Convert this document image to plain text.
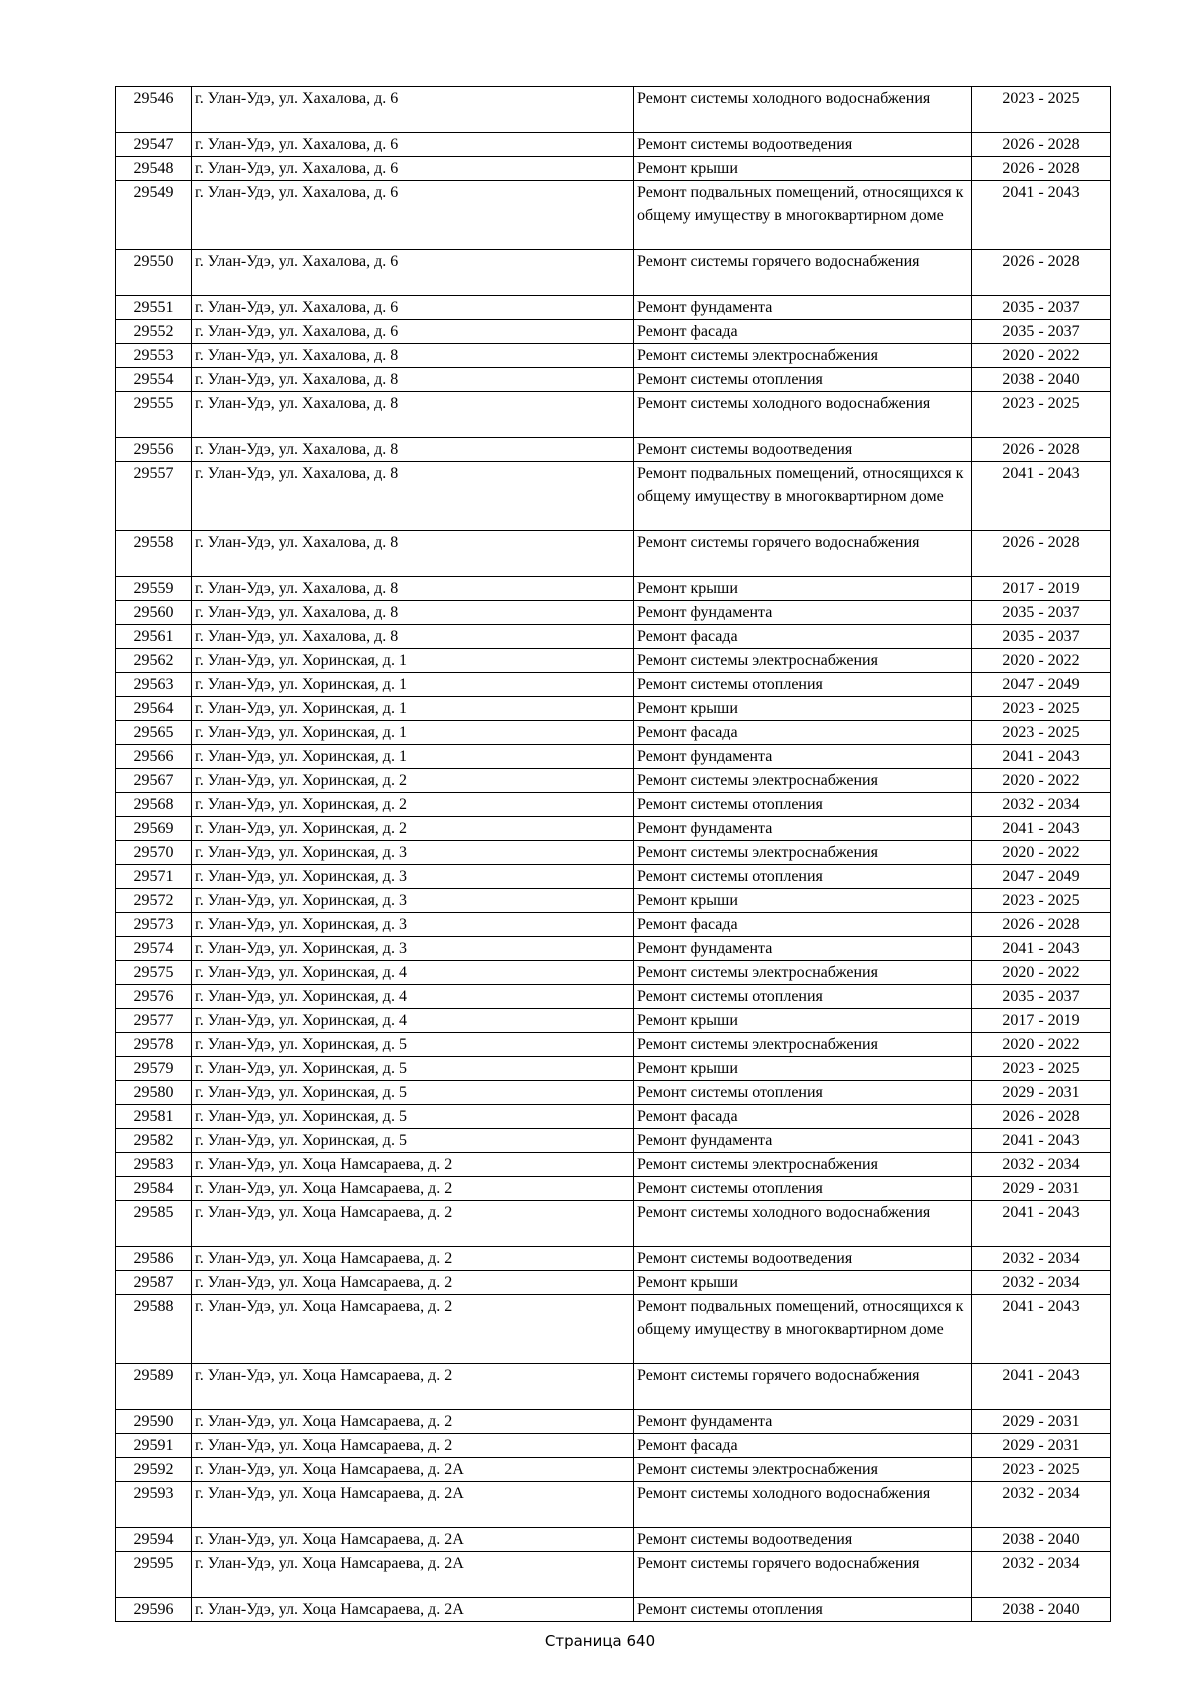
29546	г. Улан-Удэ, ул. Хахалова, д. 6	Ремонт системы холодного водоснабжения	2023 - 2025
29547	г. Улан-Удэ, ул. Хахалова, д. 6	Ремонт системы водоотведения	2026 - 2028
29548	г. Улан-Удэ, ул. Хахалова, д. 6	Ремонт крыши	2026 - 2028
29549	г. Улан-Удэ, ул. Хахалова, д. 6	Ремонт подвальных помещений, относящихся к общему имуществу в многоквартирном доме	2041 - 2043
29550	г. Улан-Удэ, ул. Хахалова, д. 6	Ремонт системы горячего водоснабжения	2026 - 2028
29551	г. Улан-Удэ, ул. Хахалова, д. 6	Ремонт фундамента	2035 - 2037
29552	г. Улан-Удэ, ул. Хахалова, д. 6	Ремонт фасада	2035 - 2037
29553	г. Улан-Удэ, ул. Хахалова, д. 8	Ремонт системы электроснабжения	2020 - 2022
29554	г. Улан-Удэ, ул. Хахалова, д. 8	Ремонт системы отопления	2038 - 2040
29555	г. Улан-Удэ, ул. Хахалова, д. 8	Ремонт системы холодного водоснабжения	2023 - 2025
29556	г. Улан-Удэ, ул. Хахалова, д. 8	Ремонт системы водоотведения	2026 - 2028
29557	г. Улан-Удэ, ул. Хахалова, д. 8	Ремонт подвальных помещений, относящихся к общему имуществу в многоквартирном доме	2041 - 2043
29558	г. Улан-Удэ, ул. Хахалова, д. 8	Ремонт системы горячего водоснабжения	2026 - 2028
29559	г. Улан-Удэ, ул. Хахалова, д. 8	Ремонт крыши	2017 - 2019
29560	г. Улан-Удэ, ул. Хахалова, д. 8	Ремонт фундамента	2035 - 2037
29561	г. Улан-Удэ, ул. Хахалова, д. 8	Ремонт фасада	2035 - 2037
29562	г. Улан-Удэ, ул. Хоринская, д. 1	Ремонт системы электроснабжения	2020 - 2022
29563	г. Улан-Удэ, ул. Хоринская, д. 1	Ремонт системы отопления	2047 - 2049
29564	г. Улан-Удэ, ул. Хоринская, д. 1	Ремонт крыши	2023 - 2025
29565	г. Улан-Удэ, ул. Хоринская, д. 1	Ремонт фасада	2023 - 2025
29566	г. Улан-Удэ, ул. Хоринская, д. 1	Ремонт фундамента	2041 - 2043
29567	г. Улан-Удэ, ул. Хоринская, д. 2	Ремонт системы электроснабжения	2020 - 2022
29568	г. Улан-Удэ, ул. Хоринская, д. 2	Ремонт системы отопления	2032 - 2034
29569	г. Улан-Удэ, ул. Хоринская, д. 2	Ремонт фундамента	2041 - 2043
29570	г. Улан-Удэ, ул. Хоринская, д. 3	Ремонт системы электроснабжения	2020 - 2022
29571	г. Улан-Удэ, ул. Хоринская, д. 3	Ремонт системы отопления	2047 - 2049
29572	г. Улан-Удэ, ул. Хоринская, д. 3	Ремонт крыши	2023 - 2025
29573	г. Улан-Удэ, ул. Хоринская, д. 3	Ремонт фасада	2026 - 2028
29574	г. Улан-Удэ, ул. Хоринская, д. 3	Ремонт фундамента	2041 - 2043
29575	г. Улан-Удэ, ул. Хоринская, д. 4	Ремонт системы электроснабжения	2020 - 2022
29576	г. Улан-Удэ, ул. Хоринская, д. 4	Ремонт системы отопления	2035 - 2037
29577	г. Улан-Удэ, ул. Хоринская, д. 4	Ремонт крыши	2017 - 2019
29578	г. Улан-Удэ, ул. Хоринская, д. 5	Ремонт системы электроснабжения	2020 - 2022
29579	г. Улан-Удэ, ул. Хоринская, д. 5	Ремонт крыши	2023 - 2025
29580	г. Улан-Удэ, ул. Хоринская, д. 5	Ремонт системы отопления	2029 - 2031
29581	г. Улан-Удэ, ул. Хоринская, д. 5	Ремонт фасада	2026 - 2028
29582	г. Улан-Удэ, ул. Хоринская, д. 5	Ремонт фундамента	2041 - 2043
29583	г. Улан-Удэ, ул. Хоца Намсараева, д. 2	Ремонт системы электроснабжения	2032 - 2034
29584	г. Улан-Удэ, ул. Хоца Намсараева, д. 2	Ремонт системы отопления	2029 - 2031
29585	г. Улан-Удэ, ул. Хоца Намсараева, д. 2	Ремонт системы холодного водоснабжения	2041 - 2043
29586	г. Улан-Удэ, ул. Хоца Намсараева, д. 2	Ремонт системы водоотведения	2032 - 2034
29587	г. Улан-Удэ, ул. Хоца Намсараева, д. 2	Ремонт крыши	2032 - 2034
29588	г. Улан-Удэ, ул. Хоца Намсараева, д. 2	Ремонт подвальных помещений, относящихся к общему имуществу в многоквартирном доме	2041 - 2043
29589	г. Улан-Удэ, ул. Хоца Намсараева, д. 2	Ремонт системы горячего водоснабжения	2041 - 2043
29590	г. Улан-Удэ, ул. Хоца Намсараева, д. 2	Ремонт фундамента	2029 - 2031
29591	г. Улан-Удэ, ул. Хоца Намсараева, д. 2	Ремонт фасада	2029 - 2031
29592	г. Улан-Удэ, ул. Хоца Намсараева, д. 2А	Ремонт системы электроснабжения	2023 - 2025
29593	г. Улан-Удэ, ул. Хоца Намсараева, д. 2А	Ремонт системы холодного водоснабжения	2032 - 2034
29594	г. Улан-Удэ, ул. Хоца Намсараева, д. 2А	Ремонт системы водоотведения	2038 - 2040
29595	г. Улан-Удэ, ул. Хоца Намсараева, д. 2А	Ремонт системы горячего водоснабжения	2032 - 2034
29596	г. Улан-Удэ, ул. Хоца Намсараева, д. 2А	Ремонт системы отопления	2038 - 2040
Страница 640
